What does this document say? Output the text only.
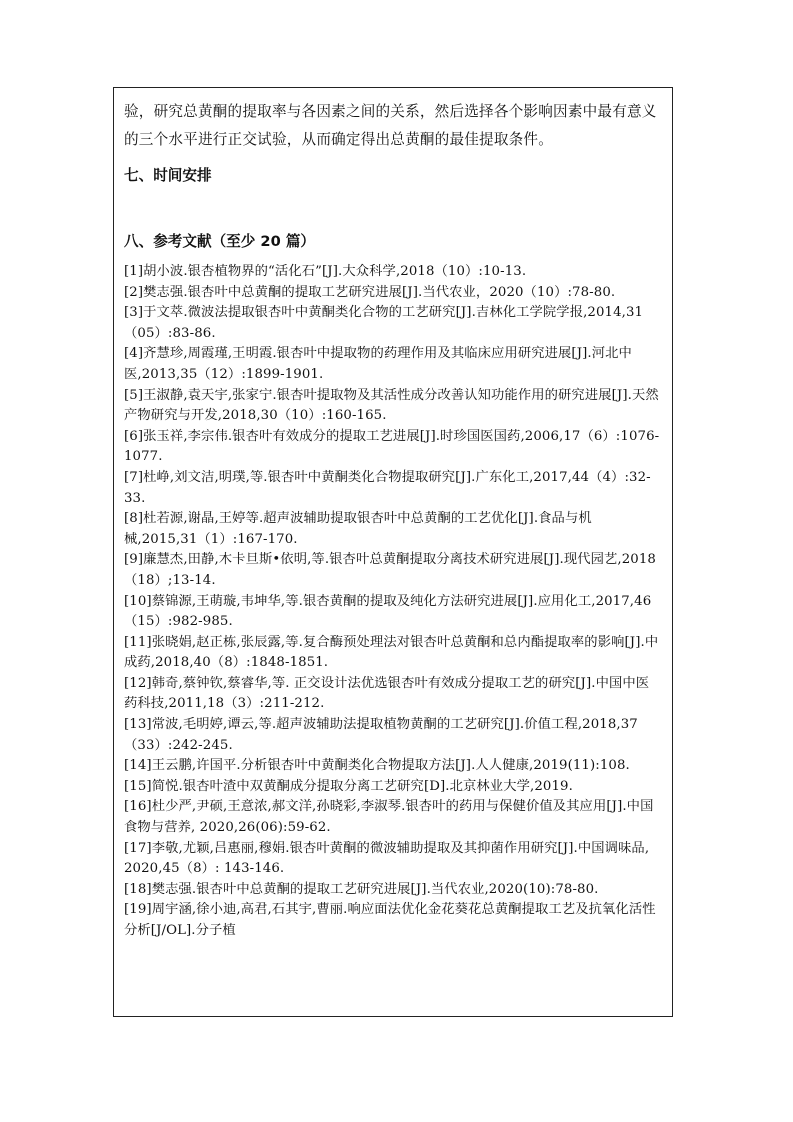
验，研究总黄酮的提取率与各因素之间的关系，然后选择各个影响因素中最有意义的三个水平进行正交试验，从而确定得出总黄酮的最佳提取条件。

七、时间安排
八、参考文献（至少 20 篇）

[1]胡小波.银杏植物界的“活化石”[J].大众科学,2018（10）:10-13.

[2]樊志强.银杏叶中总黄酮的提取工艺研究进展[J].当代农业，2020（10）:78-80.

[3]于文萃.微波法提取银杏叶中黄酮类化合物的工艺研究[J].吉林化工学院学报,2014,31（05）:83-86.

[4]齐慧珍,周霞瑾,王明霞.银杏叶中提取物的药理作用及其临床应用研究进展[J].河北中医,2013,35（12）:1899-1901.

[5]王淑静,袁天宇,张家宁.银杏叶提取物及其活性成分改善认知功能作用的研究进展[J].天然产物研究与开发,2018,30（10）:160-165.

[6]张玉祥,李宗伟.银杏叶有效成分的提取工艺进展[J].时珍国医国药,2006,17（6）:1076-1077.

[7]杜峥,刘文洁,明璞,等.银杏叶中黄酮类化合物提取研究[J].广东化工,2017,44（4）:32-33.

[8]杜若源,谢晶,王婷等.超声波辅助提取银杏叶中总黄酮的工艺优化[J].食品与机械,2015,31（1）:167-170.

[9]廉慧杰,田静,木卡旦斯•依明,等.银杏叶总黄酮提取分离技术研究进展[J].现代园艺,2018（18）;13-14.

[10]蔡锦源,王萌璇,韦坤华,等.银杏黄酮的提取及纯化方法研究进展[J].应用化工,2017,46（15）:982-985.

[11]张晓娟,赵正栋,张辰露,等.复合酶预处理法对银杏叶总黄酮和总内酯提取率的影响[J].中成药,2018,40（8）:1848-1851.

[12]韩奇,蔡钟钦,蔡睿华,等. 正交设计法优选银杏叶有效成分提取工艺的研究[J].中国中医药科技,2011,18（3）:211-212.

[13]常波,毛明婷,谭云,等.超声波辅助法提取植物黄酮的工艺研究[J].价值工程,2018,37（33）:242-245.

[14]王云鹏,许国平.分析银杏叶中黄酮类化合物提取方法[J].人人健康,2019(11):108.

[15]简悦.银杏叶渣中双黄酮成分提取分离工艺研究[D].北京林业大学,2019.

[16]杜少严,尹硕,王意浓,郝文洋,孙晓彩,李淑琴.银杏叶的药用与保健价值及其应用[J].中国食物与营养, 2020,26(06):59-62.

[17]李敬,尤颖,吕惠丽,穆娟.银杏叶黄酮的微波辅助提取及其抑菌作用研究[J].中国调味品, 2020,45（8）: 143-146.

[18]樊志强.银杏叶中总黄酮的提取工艺研究进展[J].当代农业,2020(10):78-80.

[19]周宇涵,徐小迪,高君,石其宇,曹丽.响应面法优化金花葵花总黄酮提取工艺及抗氧化活性分析[J/OL].分子植
